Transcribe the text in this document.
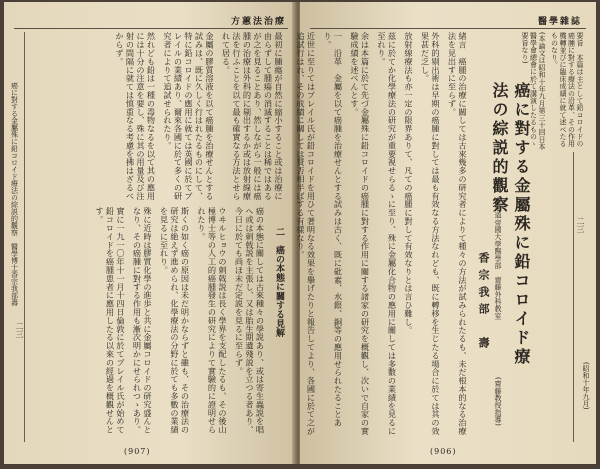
方蕙法治療

最初に腫瘍が自然に縮小すること或は治療に由らずして腫瘍の消滅することは稀ではあるが之を見ることあり、然しながら一般には癌腫の治療は外科的に剔出するか或は放射線療法を行ふことを以て最も確實なる方法とせられて居る。

金屬の膠質溶液を以て癌腫を治療せんとする試みは、既に久しく行はれたるものにして、特に鉛コロイドの應用に就ては英國に於てブレイルの業績あり、爾來各國に於て多くの研究者によりて追試せられたり。

然れども鉛は一種の毒物なるを以て其の應用には十分の注意を要し、殊に其の用量及び注射の間隔に就ては慎重なる考慮を拂はざるべからず。

二　癌の本態に關する見解

癌の本態に關しては古來種々の學説あり、或は寄生蟲説を唱へ或は刺戟説を主張し、又は胎生期遺殘説を立つる者あり、今日に於ても尚ほ未だ定説を見るに至らず。

ウヰルヒョウの刺戟説は長く學界を支配したるも、その後山極博士等の人工的癌腫發生の研究によりて實驗的に證明せられたり。

斯くの如く癌の原因は未だ明かならずと雖も、その治療法の研究は絶えず進められ、化學療法の分野に於ても多數の業績を見るに至れり。

殊に近時は膠質化學の進歩と共に金屬コロイドの研究盛んとなり、その癌腫に對する作用も漸次明かにせられつゝあり。

實に一九一〇年十一月十四日倫敦に於てブレイル氏が始めて鉛コロイドを癌腫患者に應用したる以來の經過を概觀せんとす。

癌に對する金屬殊に鉛コロイド療法の綜説的觀察　醫學博士香宗我部壽
二三
(907)
醫學雜誌

要旨　本篇は主として鉛コロイドの癌腫に對する療法の沿革、その作用機轉並びに臨床成績に就て述べたるものなり。

(本論文は昭和十年九月第三十回日本醫學會總會に於て講演したるものゝ要旨なり)

癌に對する金屬殊に鉛コロイド療法の綜説的觀察
北海道帝國大學醫學部　齋藤外科教室
香宗我部　壽
(齋藤教授指導)

緒言　癌腫の治療に關しては古來幾多の研究者によりて種々の方法が試みられたるも、未だ根本的なる治療法を見出すに至らず。

外科的剔出術は早期の癌腫に對しては最も有效なる方法なれども、既に轉移を生じたる場合に於ては其の效果甚だ乏し。

放射線療法も亦一定の限界ありて、凡ての癌腫に對して有效なりとは言ひ難し。

茲に於てか化學療法の研究が重要視せらるゝに至り、殊に金屬化合物の應用に關しては多數の業績を見るに至れり。

余は本篇に於て先づ金屬殊に鉛コロイドの癌腫に對する作用に關する諸家の研究を概觀し、次いで自家の實驗成績を述べんとす。

一　沿革　金屬を以て癌腫を治療せんとする試みは古く、既に砒素、水銀、銅等の應用せられたることあり。

近世に至りてはブレイル氏が鉛コロイドを用ひて著明なる效果を擧げたりと報告してより、各國に於て之が追試行はれ、その成績に關しては賛否相半ばする有樣なり。

(昭和十年九月)
二三
(906)
